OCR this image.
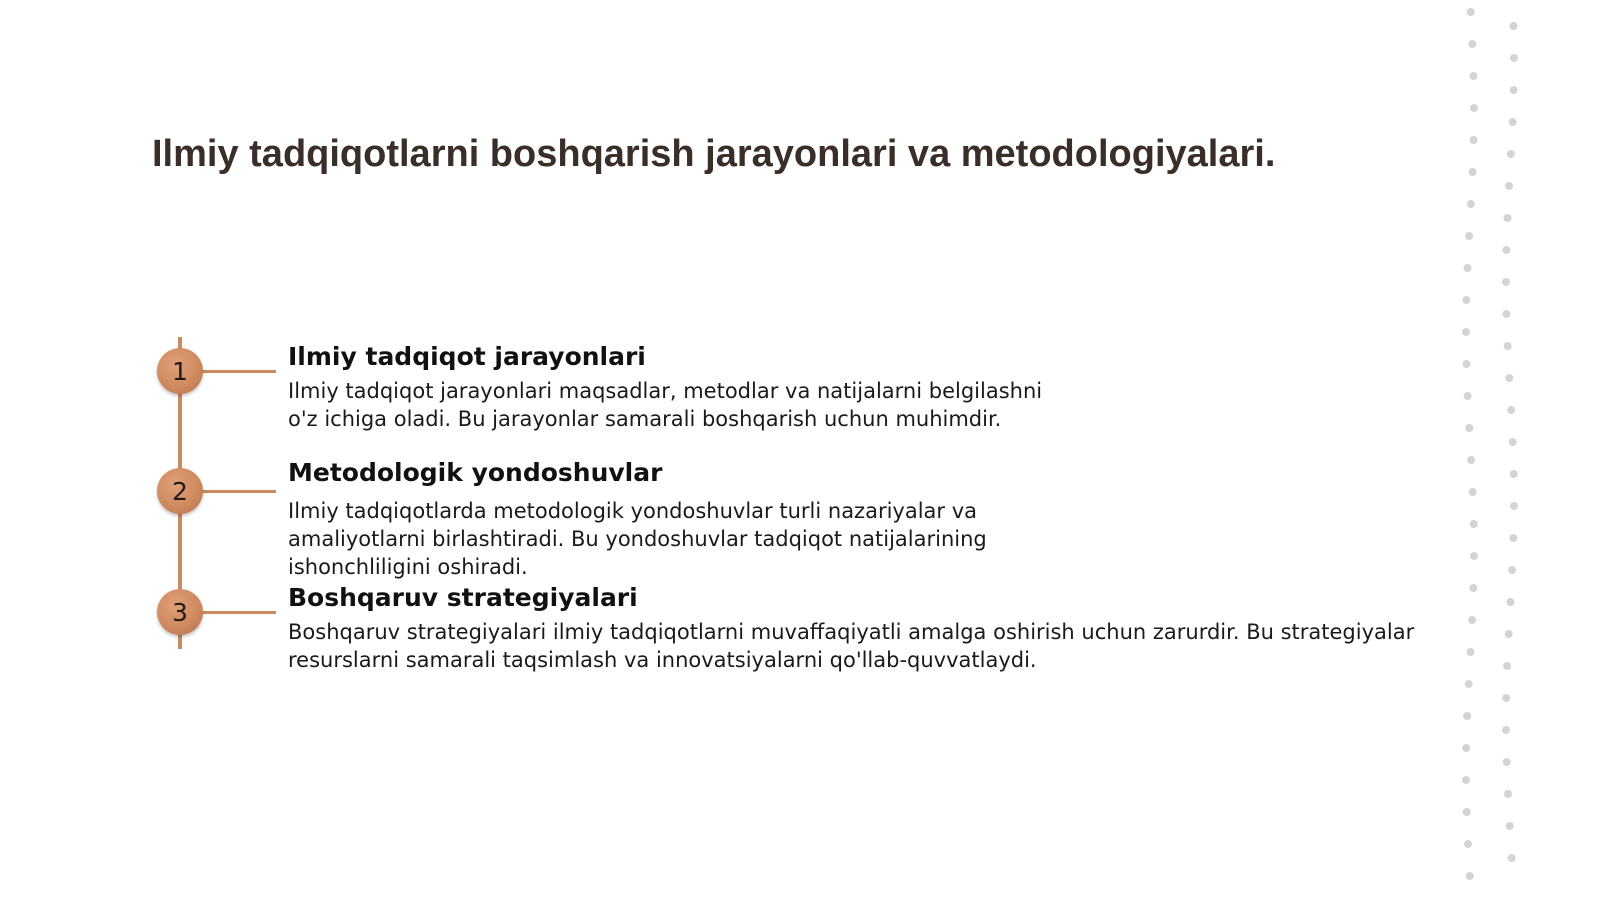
Ilmiy tadqiqotlarni boshqarish jarayonlari va metodologiyalari.
1	Ilmiy tadqiqot jarayonlari

Ilmiy tadqiqot jarayonlari maqsadlar, metodlar va natijalarni belgilashni
o'z ichiga oladi. Bu jarayonlar samarali boshqarish uchun muhimdir.

2
Metodologik yondoshuvlar

Ilmiy tadqiqotlarda metodologik yondoshuvlar turli nazariyalar va
amaliyotlarni birlashtiradi. Bu yondoshuvlar tadqiqot natijalarining
ishonchliligini oshiradi.

3	Boshqaruv strategiyalari

Boshqaruv strategiyalari ilmiy tadqiqotlarni muvaffaqiyatli amalga oshirish uchun zarurdir. Bu strategiyalar
resurslarni samarali taqsimlash va innovatsiyalarni qo'llab-quvvatlaydi.
